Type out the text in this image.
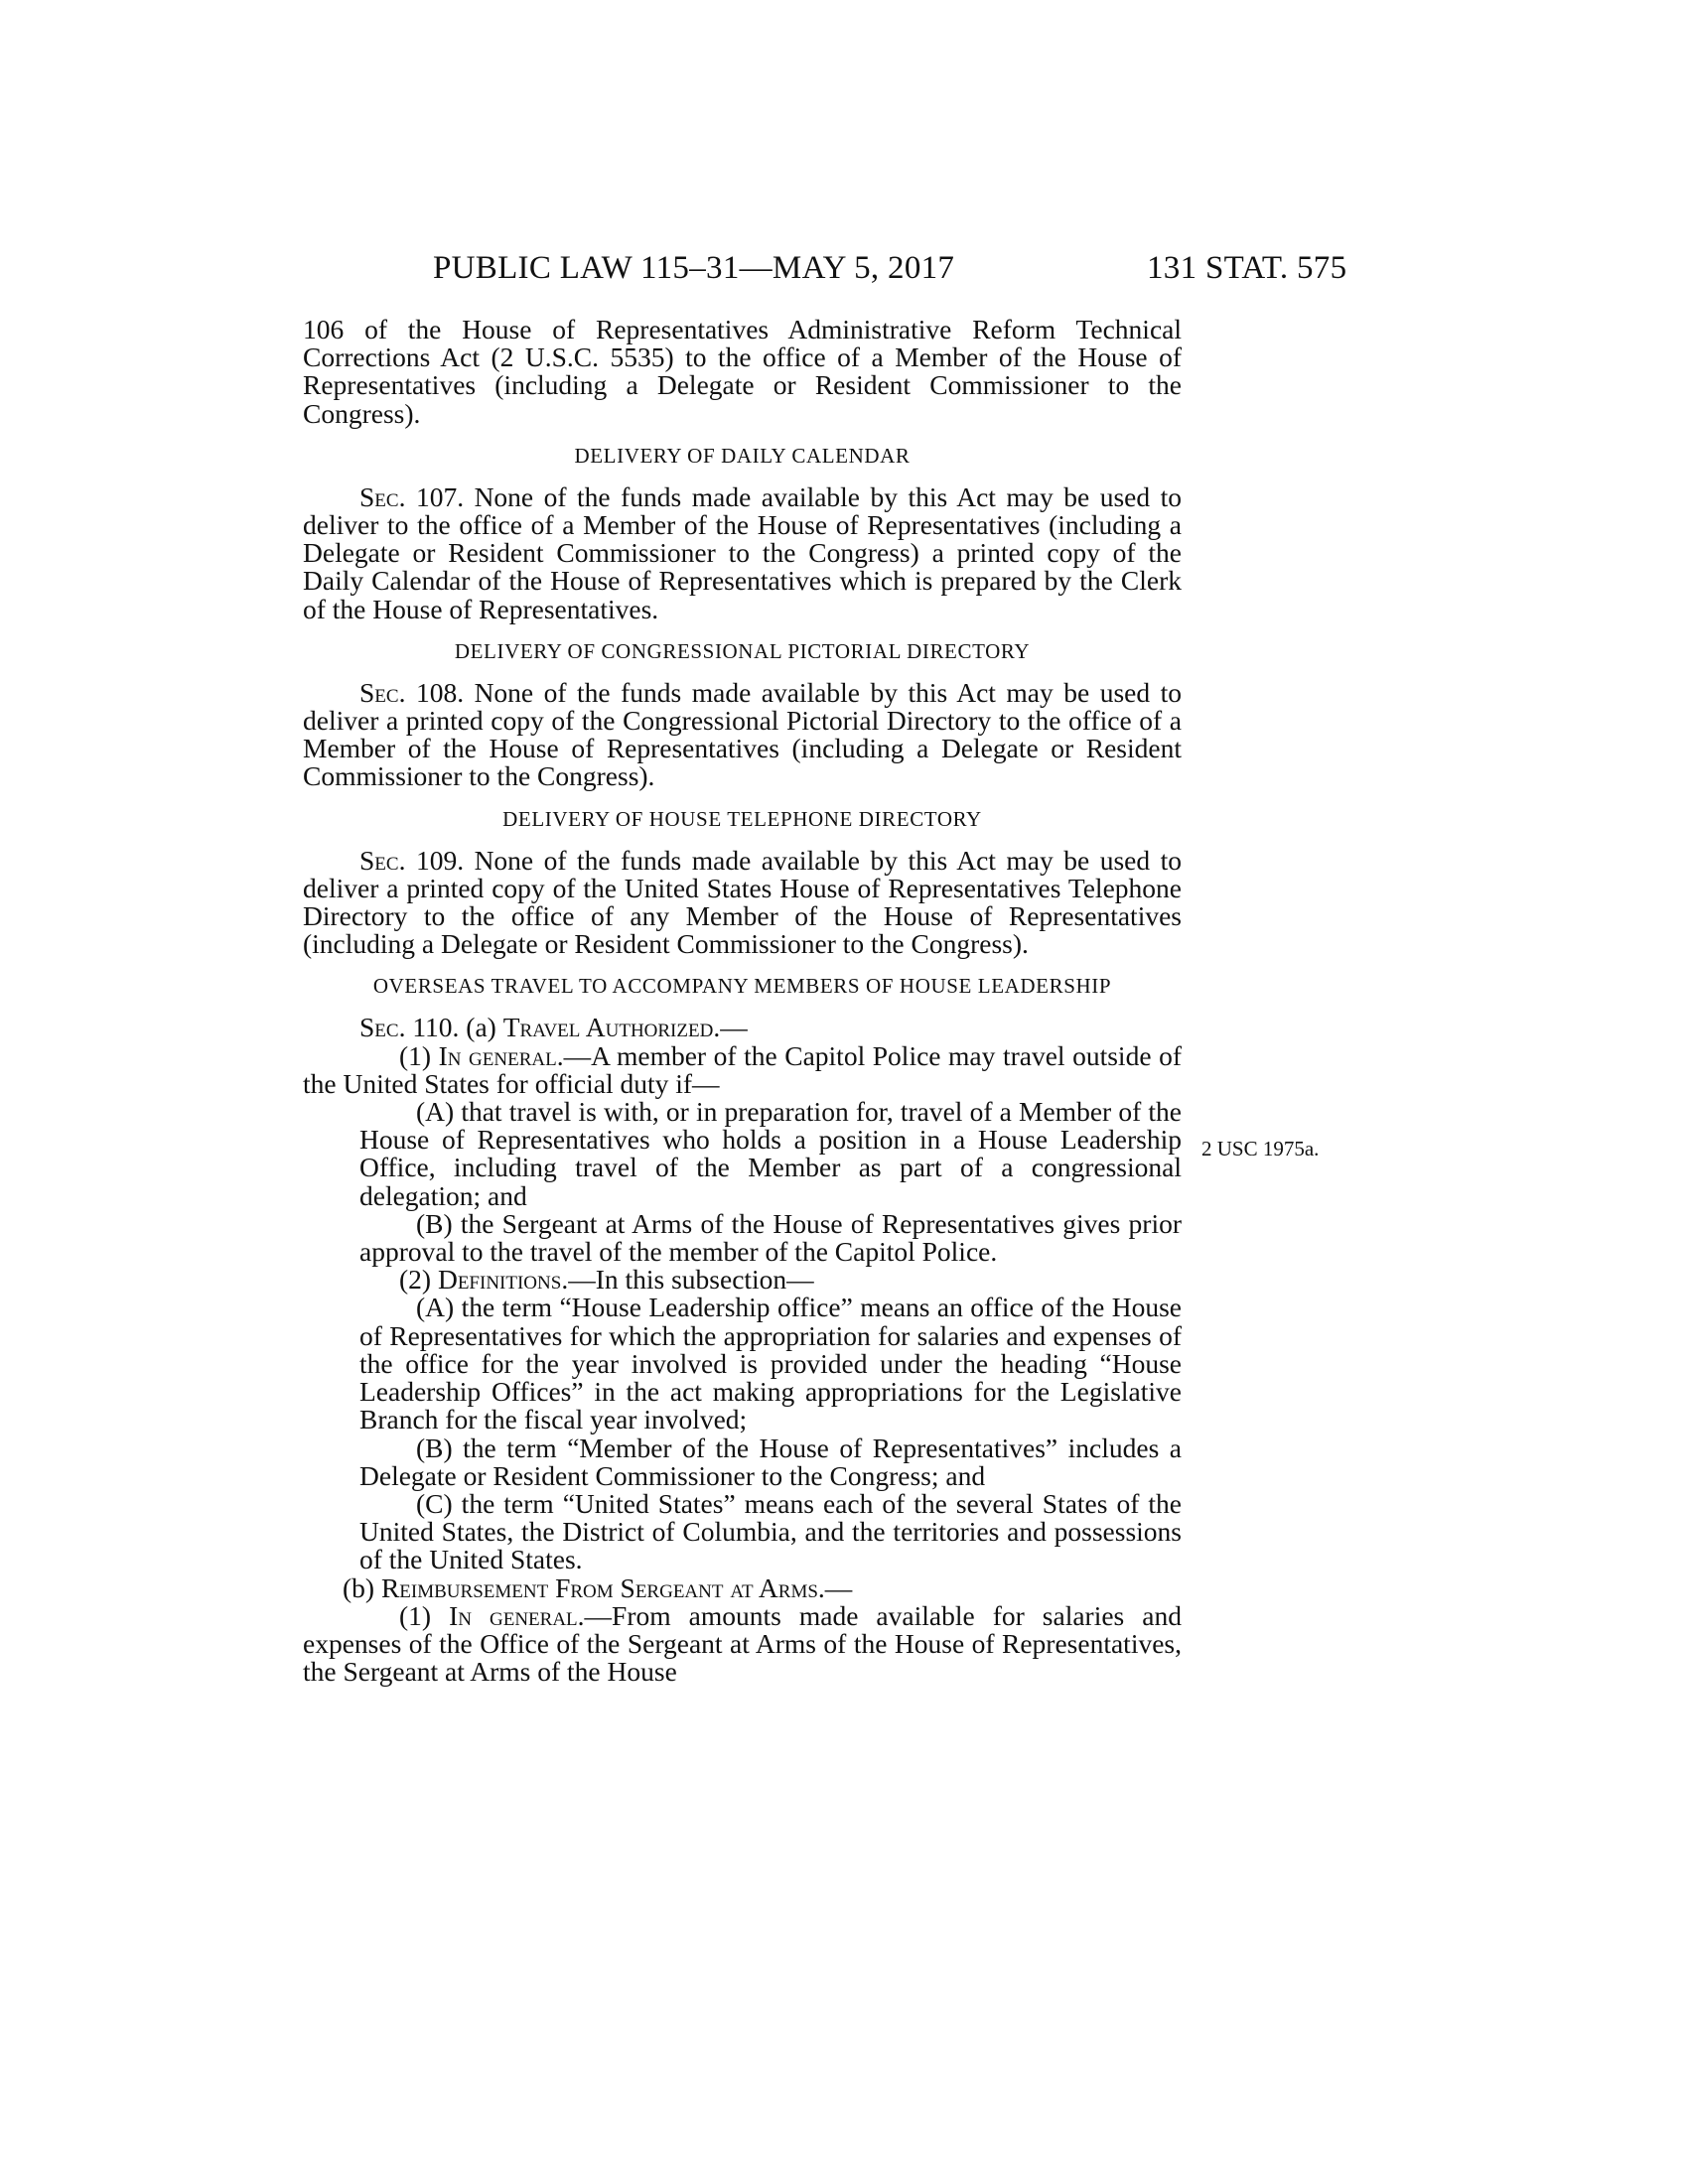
PUBLIC LAW 115–31—MAY 5, 2017	131 STAT. 575
2 USC 1975a.

106 of the House of Representatives Administrative Reform Technical Corrections Act (2 U.S.C. 5535) to the office of a Member of the House of Representatives (including a Delegate or Resident Commissioner to the Congress).

DELIVERY OF DAILY CALENDAR

Sec. 107. None of the funds made available by this Act may be used to deliver to the office of a Member of the House of Representatives (including a Delegate or Resident Commissioner to the Congress) a printed copy of the Daily Calendar of the House of Representatives which is prepared by the Clerk of the House of Representatives.

DELIVERY OF CONGRESSIONAL PICTORIAL DIRECTORY

Sec. 108. None of the funds made available by this Act may be used to deliver a printed copy of the Congressional Pictorial Directory to the office of a Member of the House of Representatives (including a Delegate or Resident Commissioner to the Congress).

DELIVERY OF HOUSE TELEPHONE DIRECTORY

Sec. 109. None of the funds made available by this Act may be used to deliver a printed copy of the United States House of Representatives Telephone Directory to the office of any Member of the House of Representatives (including a Delegate or Resident Commissioner to the Congress).

OVERSEAS TRAVEL TO ACCOMPANY MEMBERS OF HOUSE LEADERSHIP

Sec. 110. (a) Travel Authorized.—

(1) In general.—A member of the Capitol Police may travel outside of the United States for official duty if—

(A) that travel is with, or in preparation for, travel of a Member of the House of Representatives who holds a position in a House Leadership Office, including travel of the Member as part of a congressional delegation; and

(B) the Sergeant at Arms of the House of Representatives gives prior approval to the travel of the member of the Capitol Police.

(2) Definitions.—In this subsection—

(A) the term “House Leadership office” means an office of the House of Representatives for which the appropriation for salaries and expenses of the office for the year involved is provided under the heading “House Leadership Offices” in the act making appropriations for the Legislative Branch for the fiscal year involved;

(B) the term “Member of the House of Representatives” includes a Delegate or Resident Commissioner to the Congress; and

(C) the term “United States” means each of the several States of the United States, the District of Columbia, and the territories and possessions of the United States.

(b) Reimbursement From Sergeant at Arms.—

(1) In general.—From amounts made available for salaries and expenses of the Office of the Sergeant at Arms of the House of Representatives, the Sergeant at Arms of the House
